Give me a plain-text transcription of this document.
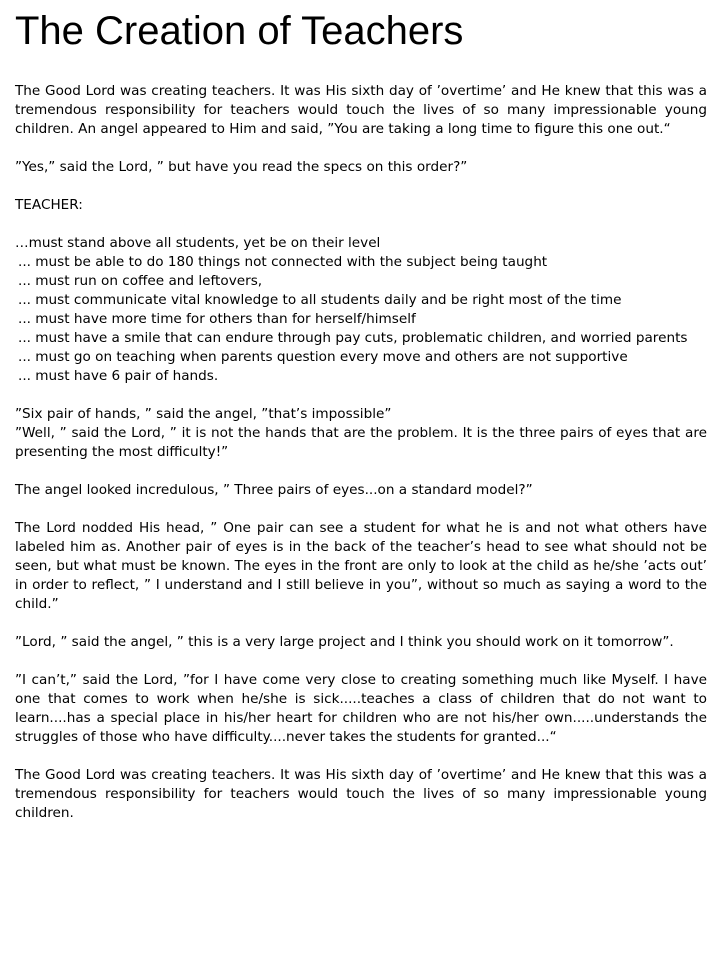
The Creation of Teachers

The Good Lord was creating teachers. It was His sixth day of ’overtime’ and He knew that this was a tremendous responsibility for teachers would touch the lives of so many impressionable young children. An angel appeared to Him and said, ”You are taking a long time to figure this one out.“

”Yes,” said the Lord, ” but have you read the specs on this order?”

TEACHER:

…must stand above all students, yet be on their level
... must be able to do 180 things not connected with the subject being taught
... must run on coffee and leftovers,
... must communicate vital knowledge to all students daily and be right most of the time
... must have more time for others than for herself/himself
... must have a smile that can endure through pay cuts, problematic children, and worried parents
... must go on teaching when parents question every move and others are not supportive
... must have 6 pair of hands.

”Six pair of hands, ” said the angel, ”that’s impossible”

”Well, ” said the Lord, ” it is not the hands that are the problem. It is the three pairs of eyes that are presenting the most difficulty!”

The angel looked incredulous, ” Three pairs of eyes...on a standard model?”

The Lord nodded His head, ” One pair can see a student for what he is and not what others have labeled him as. Another pair of eyes is in the back of the teacher’s head to see what should not be seen, but what must be known. The eyes in the front are only to look at the child as he/she ’acts out’ in order to reflect, ” I understand and I still believe in you”, without so much as saying a word to the child.”

”Lord, ” said the angel, ” this is a very large project and I think you should work on it tomorrow”.

”I can’t,” said the Lord, ”for I have come very close to creating something much like Myself. I have one that comes to work when he/she is sick.....teaches a class of children that do not want to learn....has a special place in his/her heart for children who are not his/her own.....understands the struggles of those who have difficulty....never takes the students for granted...“

The Good Lord was creating teachers. It was His sixth day of ’overtime’ and He knew that this was a tremendous responsibility for teachers would touch the lives of so many impressionable young children.
